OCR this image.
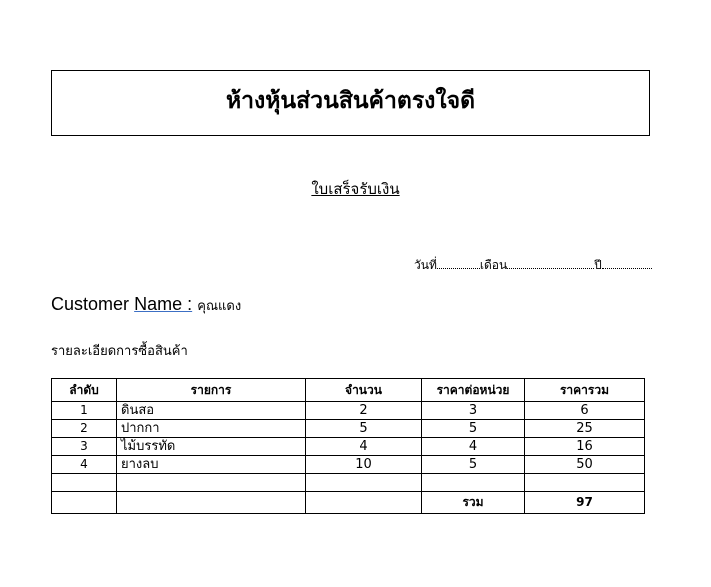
ห้างหุ้นส่วนสินค้าตรงใจดี
ใบเสร็จรับเงิน
วันที่	เดือน	ปี
Customer Name : คุณแดง
รายละเอียดการซื้อสินค้า
ลำดับ	รายการ	จำนวน	ราคาต่อหน่วย	ราคารวม
1	ดินสอ	2	3	6
2	ปากกา	5	5	25
3	ไม้บรรทัด	4	4	16
4	ยางลบ	10	5	50

			รวม	97
